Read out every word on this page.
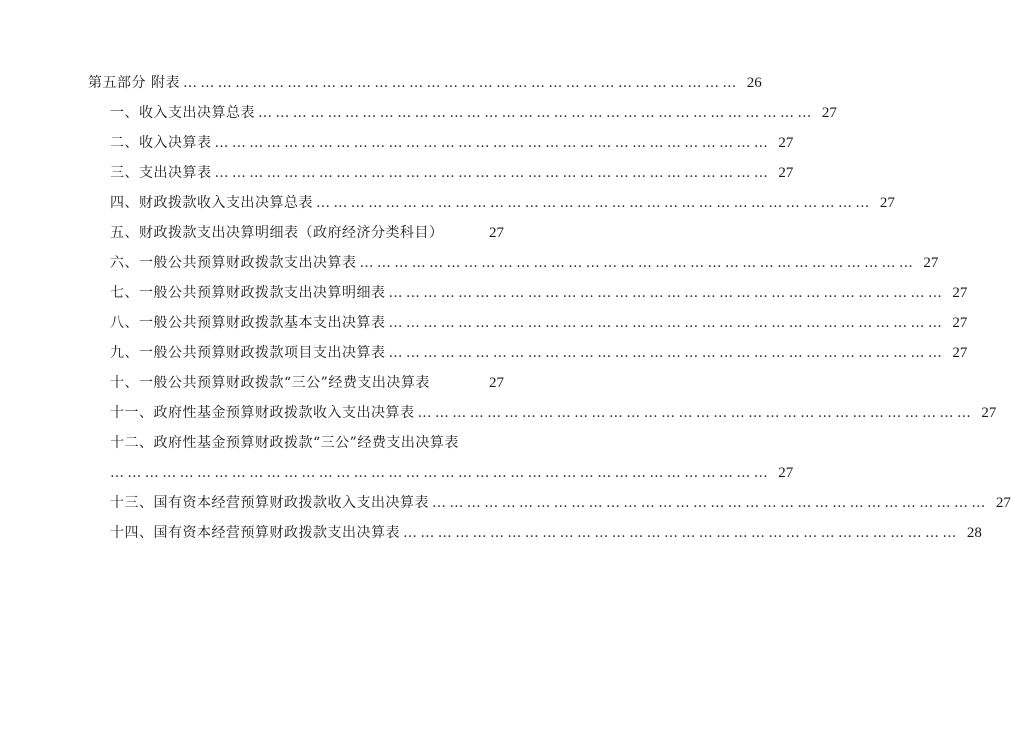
第五部分 附表 …………………………………………………………………………………… 26
一、收入支出决算总表 …………………………………………………………………………………… 27
二、收入决算表 …………………………………………………………………………………… 27
三、支出决算表 …………………………………………………………………………………… 27
四、财政拨款收入支出决算总表 …………………………………………………………………………………… 27
五、财政拨款支出决算明细表（政府经济分类科目）	27
六、一般公共预算财政拨款支出决算表 …………………………………………………………………………………… 27
七、一般公共预算财政拨款支出决算明细表 …………………………………………………………………………………… 27
八、一般公共预算财政拨款基本支出决算表 …………………………………………………………………………………… 27
九、一般公共预算财政拨款项目支出决算表 …………………………………………………………………………………… 27
十、一般公共预算财政拨款“三公”经费支出决算表	27
十一、政府性基金预算财政拨款收入支出决算表 …………………………………………………………………………………… 27
十二、政府性基金预算财政拨款“三公”经费支出决算表
…………………………………………………………………………………………………… 27
十三、国有资本经营预算财政拨款收入支出决算表 …………………………………………………………………………………… 27
十四、国有资本经营预算财政拨款支出决算表 …………………………………………………………………………………… 28
